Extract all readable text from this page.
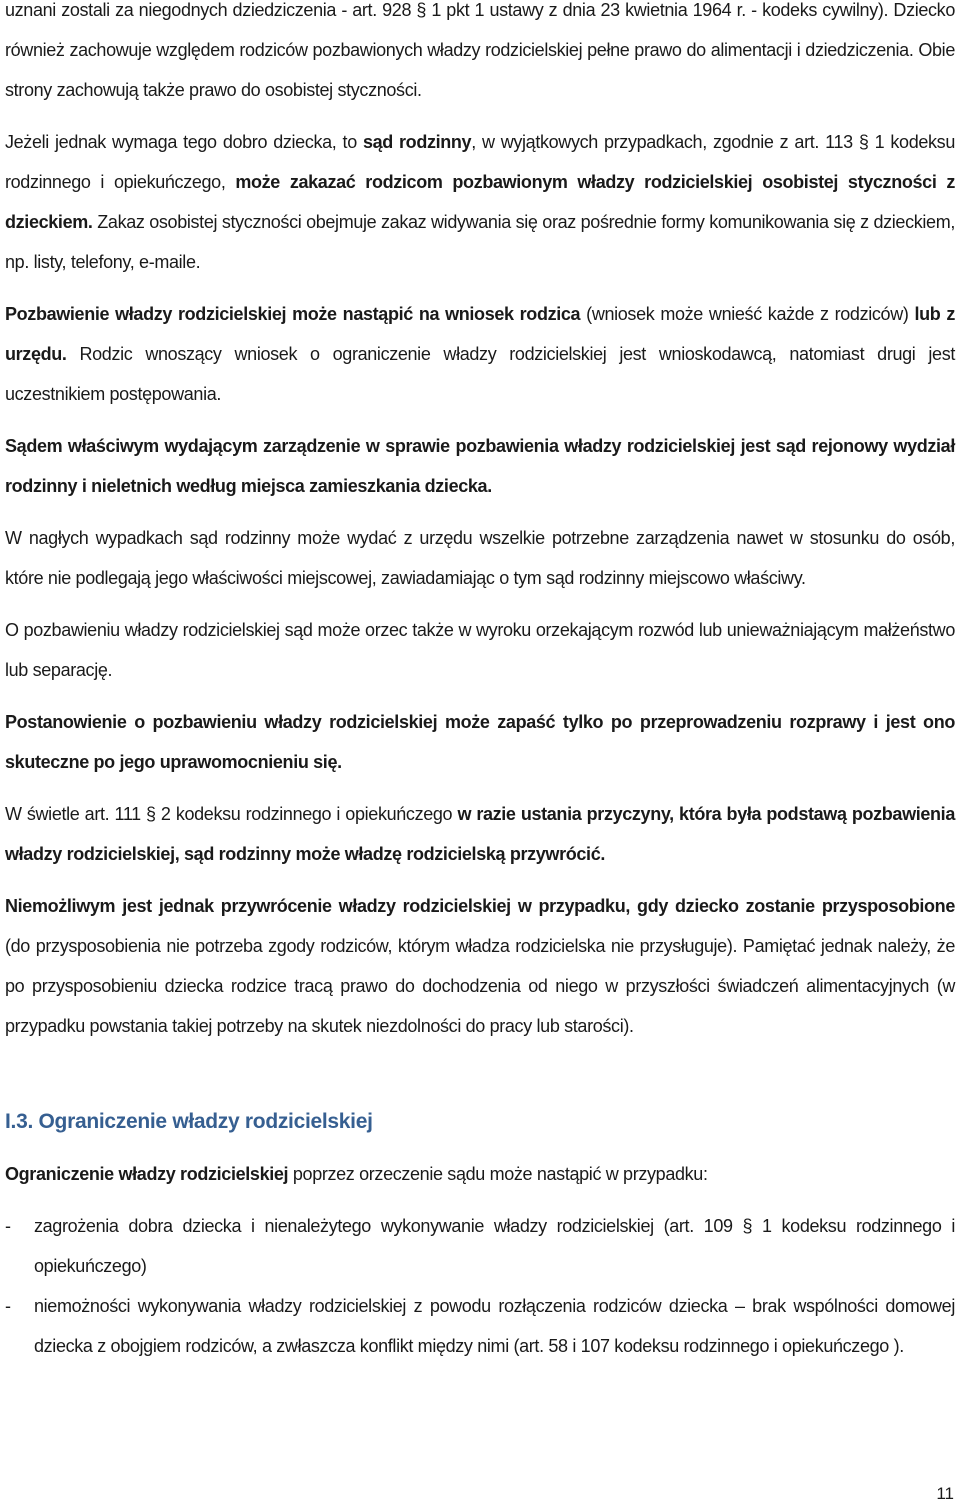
uznani zostali za niegodnych dziedziczenia - art. 928 § 1 pkt 1 ustawy z dnia 23 kwietnia 1964 r. - kodeks cywilny). Dziecko również zachowuje względem rodziców pozbawionych władzy rodzicielskiej pełne prawo do alimentacji i dziedziczenia. Obie strony zachowują także prawo do osobistej styczności.

Jeżeli jednak wymaga tego dobro dziecka, to sąd rodzinny, w wyjątkowych przypadkach, zgodnie z art. 113 § 1 kodeksu rodzinnego i opiekuńczego, może zakazać rodzicom pozbawionym władzy rodzicielskiej osobistej styczności z dzieckiem. Zakaz osobistej styczności obejmuje zakaz widywania się oraz pośrednie formy komunikowania się z dzieckiem, np. listy, telefony, e-maile.

Pozbawienie władzy rodzicielskiej może nastąpić na wniosek rodzica (wniosek może wnieść każde z rodziców) lub z urzędu. Rodzic wnoszący wniosek o ograniczenie władzy rodzicielskiej jest wnioskodawcą, natomiast drugi jest uczestnikiem postępowania.

Sądem właściwym wydającym zarządzenie w sprawie pozbawienia władzy rodzicielskiej jest sąd rejonowy wydział rodzinny i nieletnich według miejsca zamieszkania dziecka.

W nagłych wypadkach sąd rodzinny może wydać z urzędu wszelkie potrzebne zarządzenia nawet w stosunku do osób, które nie podlegają jego właściwości miejscowej, zawiadamiając o tym sąd rodzinny miejscowo właściwy.

O pozbawieniu władzy rodzicielskiej sąd może orzec także w wyroku orzekającym rozwód lub unieważniającym małżeństwo lub separację.

Postanowienie o pozbawieniu władzy rodzicielskiej może zapaść tylko po przeprowadzeniu rozprawy i jest ono skuteczne po jego uprawomocnieniu się.

W świetle art. 111 § 2 kodeksu rodzinnego i opiekuńczego w razie ustania przyczyny, która była podstawą pozbawienia władzy rodzicielskiej, sąd rodzinny może władzę rodzicielską przywrócić.

Niemożliwym jest jednak przywrócenie władzy rodzicielskiej w przypadku, gdy dziecko zostanie przysposobione (do przysposobienia nie potrzeba zgody rodziców, którym władza rodzicielska nie przysługuje). Pamiętać jednak należy, że po przysposobieniu dziecka rodzice tracą prawo do dochodzenia od niego w przyszłości świadczeń alimentacyjnych (w przypadku powstania takiej potrzeby na skutek niezdolności do pracy lub starości).

I.3. Ograniczenie władzy rodzicielskiej

Ograniczenie władzy rodzicielskiej poprzez orzeczenie sądu może nastąpić w przypadku:

- zagrożenia dobra dziecka i nienależytego wykonywanie władzy rodzicielskiej (art. 109 § 1 kodeksu rodzinnego i opiekuńczego)
- niemożności wykonywania władzy rodzicielskiej z powodu rozłączenia rodziców dziecka – brak wspólności domowej dziecka z obojgiem rodziców, a zwłaszcza konflikt między nimi (art. 58 i 107 kodeksu rodzinnego i opiekuńczego ).
11
